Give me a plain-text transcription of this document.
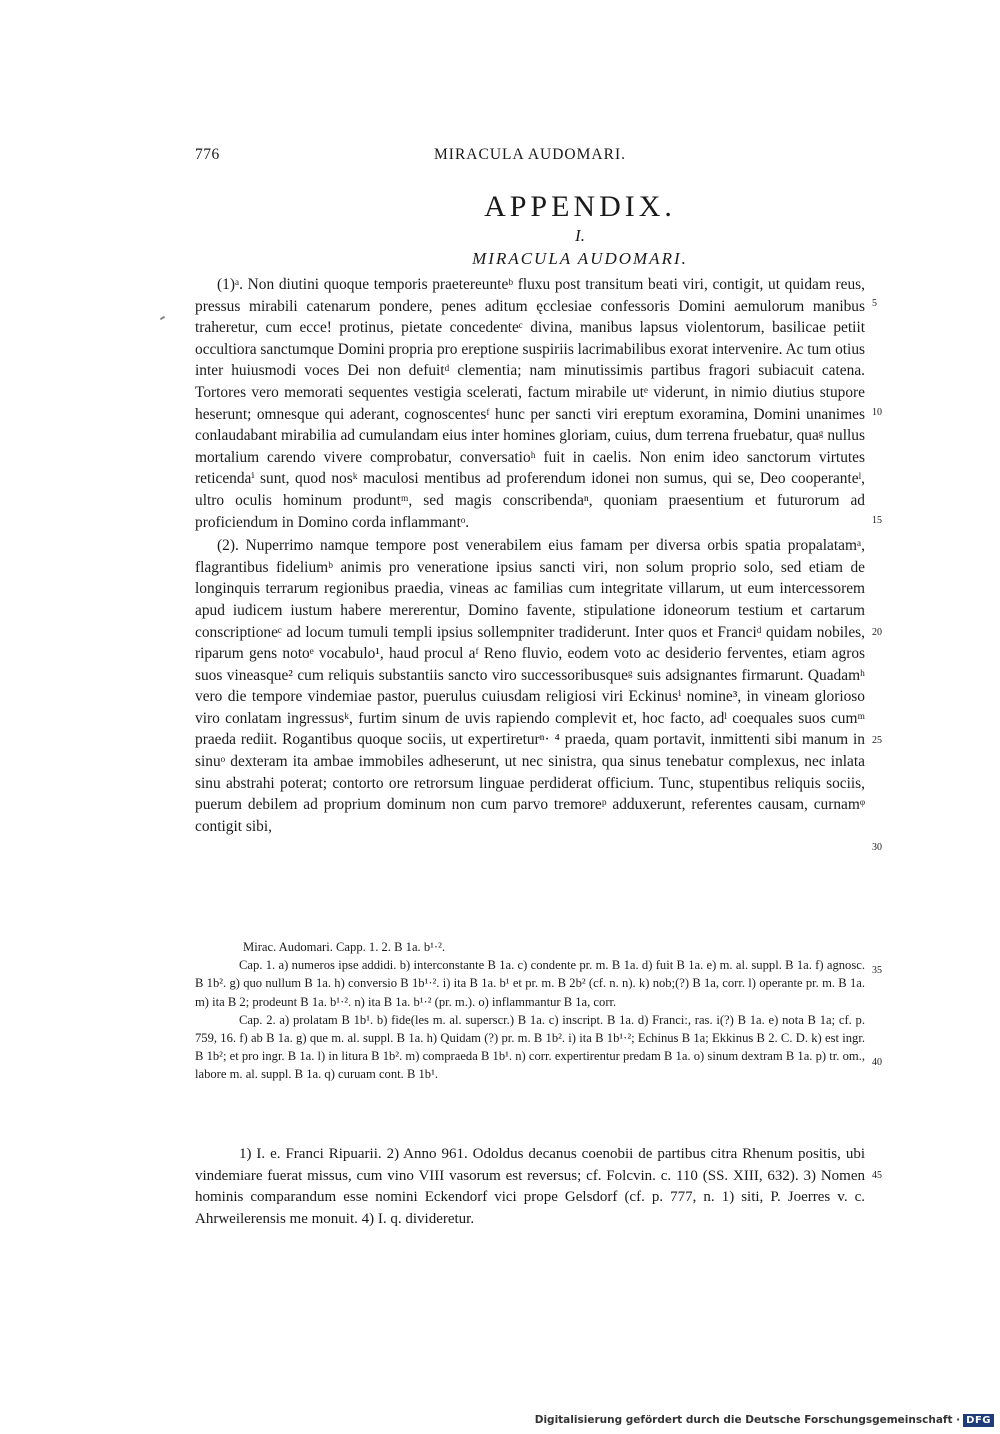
776	MIRACULA AUDOMARI.
APPENDIX.
I.
MIRACULA AUDOMARI.

(1)ᵃ. Non diutini quoque temporis praetereunteᵇ fluxu post transitum beati viri, contigit, ut quidam reus, pressus mirabili catenarum pondere, penes aditum ęcclesiae confessoris Domini aemulorum manibus traheretur, cum ecce! protinus, pietate concedenteᶜ divina, manibus lapsus violentorum, basilicae petiit occultiora sanctumque Domini propria pro ereptione suspiriis lacrimabilibus exorat intervenire. Ac tum otius inter huiusmodi voces Dei non defuitᵈ clementia; nam minutissimis partibus fragori subiacuit catena. Tortores vero memorati sequentes vestigia scelerati, factum mirabile utᵉ viderunt, in nimio diutius stupore heserunt; omnesque qui aderant, cognoscentesᶠ hunc per sancti viri ereptum exoramina, Domini unanimes conlaudabant mirabilia ad cumulandam eius inter homines gloriam, cuius, dum terrena fruebatur, quaᵍ nullus mortalium carendo vivere comprobatur, conversatioʰ fuit in caelis. Non enim ideo sanctorum virtutes reticendaⁱ sunt, quod nosᵏ maculosi mentibus ad proferendum idonei non sumus, qui se, Deo cooperanteˡ, ultro oculis hominum produntᵐ, sed magis conscribendaⁿ, quoniam praesentium et futurorum ad proficiendum in Domino corda inflammantᵒ.

(2). Nuperrimo namque tempore post venerabilem eius famam per diversa orbis spatia propalatamᵃ, flagrantibus fideliumᵇ animis pro veneratione ipsius sancti viri, non solum proprio solo, sed etiam de longinquis terrarum regionibus praedia, vineas ac familias cum integritate villarum, ut eum intercessorem apud iudicem iustum habere mererentur, Domino favente, stipulatione idoneorum testium et cartarum conscriptioneᶜ ad locum tumuli templi ipsius sollempniter tradiderunt. Inter quos et Franciᵈ quidam nobiles, riparum gens notoᵉ vocabulo¹, haud procul aᶠ Reno fluvio, eodem voto ac desiderio ferventes, etiam agros suos vineasque² cum reliquis substantiis sancto viro successoribusqueᵍ suis adsignantes firmarunt. Quadamʰ vero die tempore vindemiae pastor, puerulus cuiusdam religiosi viri Eckinusⁱ nomine³, in vineam glorioso viro conlatam ingressusᵏ, furtim sinum de uvis rapiendo complevit et, hoc facto, adˡ coequales suos cumᵐ praeda rediit. Rogantibus quoque sociis, ut expertireturⁿ· ⁴ praeda, quam portavit, inmittenti sibi manum in sinuᵒ dexteram ita ambae immobiles adheserunt, ut nec sinistra, qua sinus tenebatur complexus, nec inlata sinu abstrahi poterat; contorto ore retrorsum linguae perdiderat officium. Tunc, stupentibus reliquis sociis, puerum debilem ad proprium dominum non cum parvo tremoreᵖ adduxerunt, referentes causam, curnamᵠ contigit sibi,

5
10
15
20
25
30
35
40
45

Mirac. Audomari. Capp. 1. 2. B 1a. b¹·².

Cap. 1. a) numeros ipse addidi. b) interconstante B 1a. c) condente pr. m. B 1a. d) fuit B 1a. e) m. al. suppl. B 1a. f) agnosc. B 1b². g) quo nullum B 1a. h) conversio B 1b¹·². i) ita B 1a. b¹ et pr. m. B 2b² (cf. n. n). k) nob;(?) B 1a, corr. l) operante pr. m. B 1a. m) ita B 2; prodeunt B 1a. b¹·². n) ita B 1a. b¹·² (pr. m.). o) inflammantur B 1a, corr.

Cap. 2. a) prolatam B 1b¹. b) fide(les m. al. superscr.) B 1a. c) inscript. B 1a. d) Franci:, ras. i(?) B 1a. e) nota B 1a; cf. p. 759, 16. f) ab B 1a. g) que m. al. suppl. B 1a. h) Quidam (?) pr. m. B 1b². i) ita B 1b¹·²; Echinus B 1a; Ekkinus B 2. C. D. k) est ingr. B 1b²; et pro ingr. B 1a. l) in litura B 1b². m) compraeda B 1b¹. n) corr. expertirentur predam B 1a. o) sinum dextram B 1a. p) tr. om., labore m. al. suppl. B 1a. q) curuam cont. B 1b¹.

1) I. e. Franci Ripuarii. 2) Anno 961. Odoldus decanus coenobii de partibus citra Rhenum positis, ubi vindemiare fuerat missus, cum vino VIII vasorum est reversus; cf. Folcvin. c. 110 (SS. XIII, 632). 3) Nomen hominis comparandum esse nomini Eckendorf vici prope Gelsdorf (cf. p. 777, n. 1) siti, P. Joerres v. c. Ahrweilerensis me monuit. 4) I. q. divideretur.

Digitalisierung gefördert durch die Deutsche Forschungsgemeinschaft · DFG
